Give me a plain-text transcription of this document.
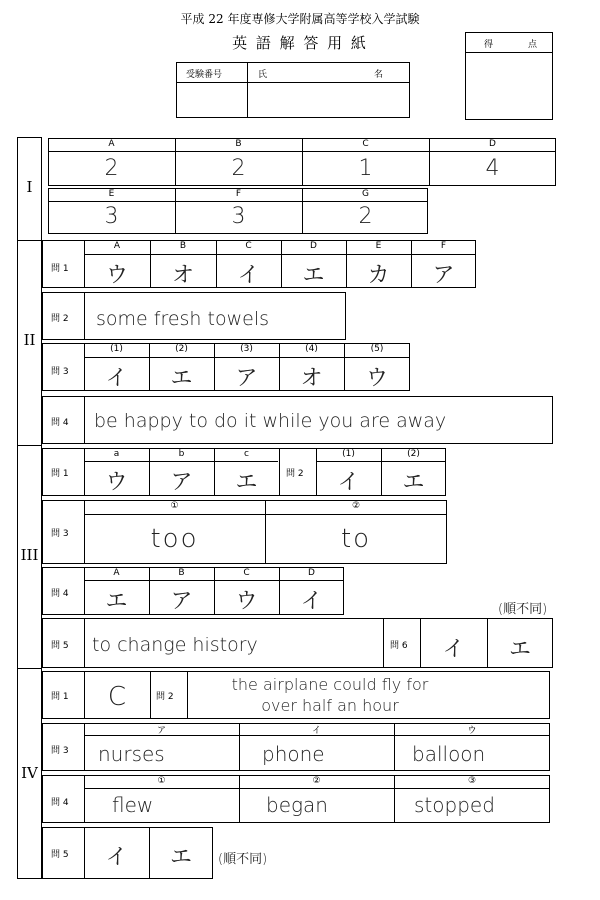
平成 22 年度専修大学附属高等学校入学試験
英 語 解 答 用 紙
受験番号	氏	名
得	点
I
II
III
IV
A	B	C	D
E	F	G
2	2	1	4
3	3	2
問 1
A	B	C	D	E	F
ウ	オ	イ	エ	カ	ア
問 2 some fresh towels
問 3
(1)	(2)	(3)	(4)	(5)
イ	エ	ア	オ	ウ
問 4 be happy to do it while you are away
問 1
a	b	c
ウ	ア	エ	問 2
(1)	(2)
イ	エ
問 3
①	②
too	to
問 4
A	B	C	D
エ	ア	ウ	イ	(順不同)
問 5 to change history	問 6	イ	エ
問 1	C	問 2
the airplane could fly for
over half an hour
問 3
ア	イ	ウ
nurses	phone	balloon
問 4
①	②	③
flew	began	stopped
問 5	イ	エ	(順不同)
